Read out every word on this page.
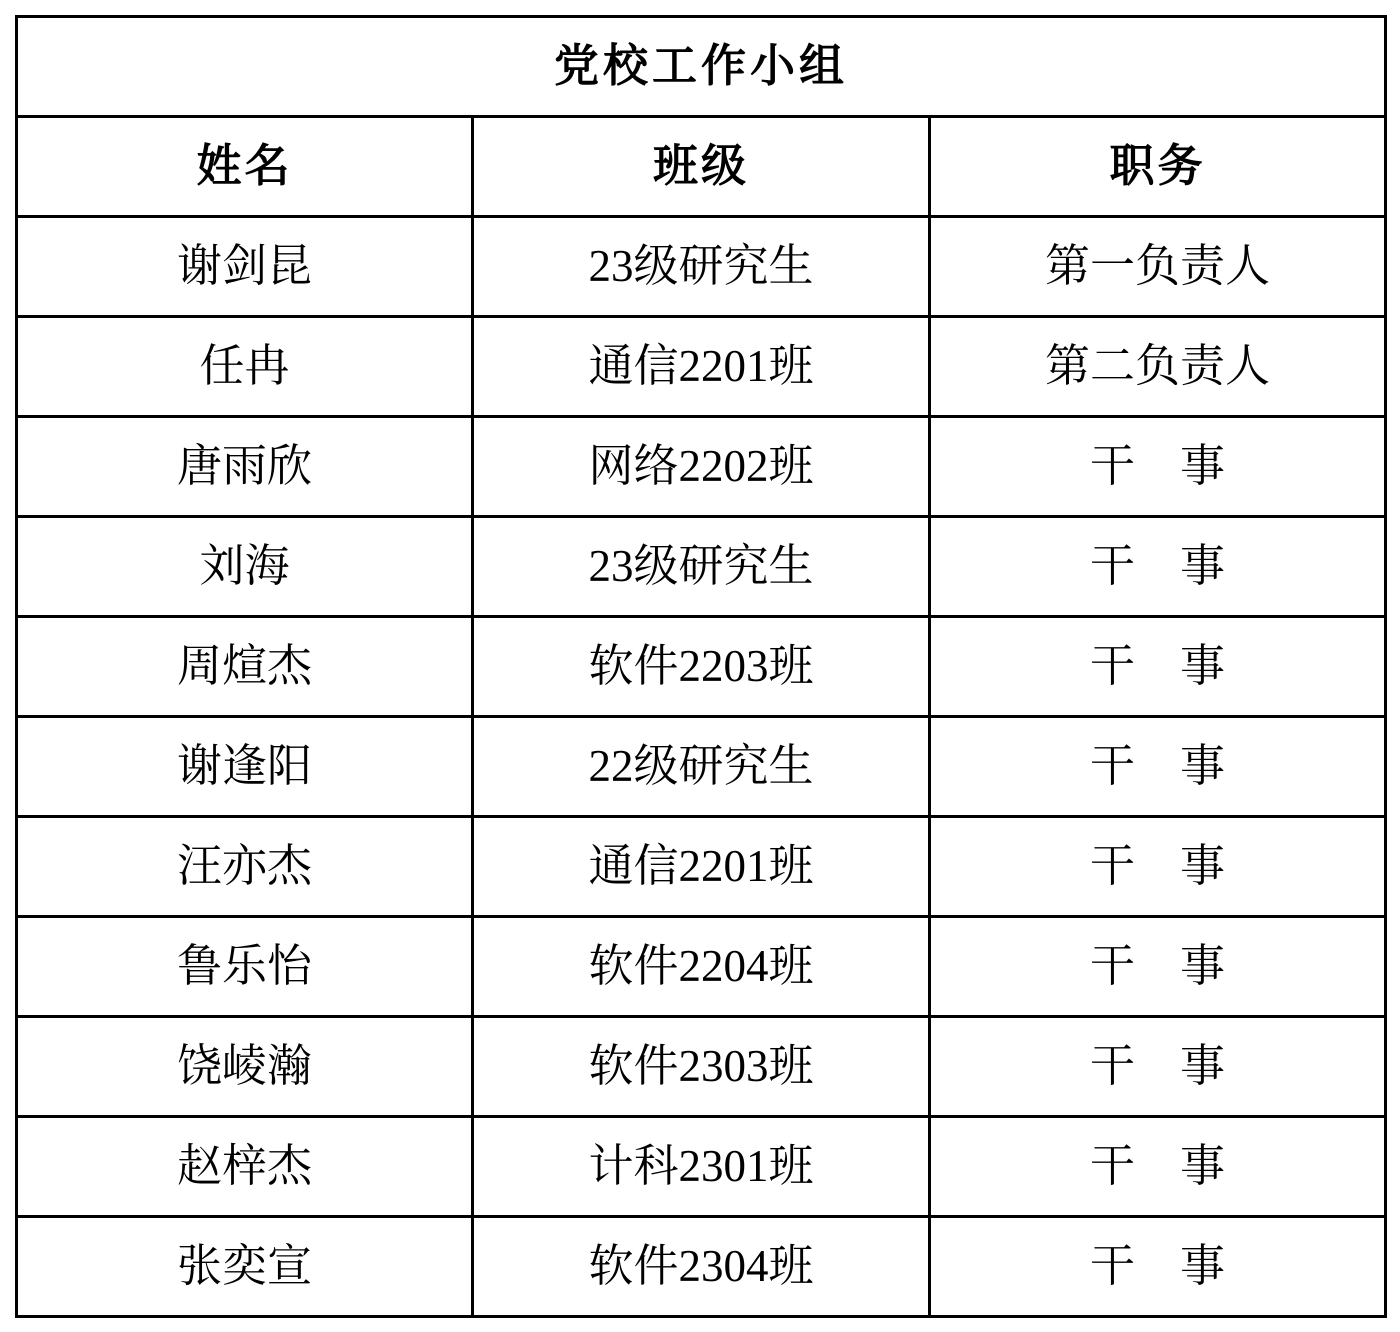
党校工作小组		
姓名	班级	职务
谢剑昆	23级研究生	第一负责人
任冉	通信2201班	第二负责人
唐雨欣	网络2202班	干　事
刘海	23级研究生	干　事
周煊杰	软件2203班	干　事
谢逢阳	22级研究生	干　事
汪亦杰	通信2201班	干　事
鲁乐怡	软件2204班	干　事
饶崚瀚	软件2303班	干　事
赵梓杰	计科2301班	干　事
张奕宣	软件2304班	干　事
